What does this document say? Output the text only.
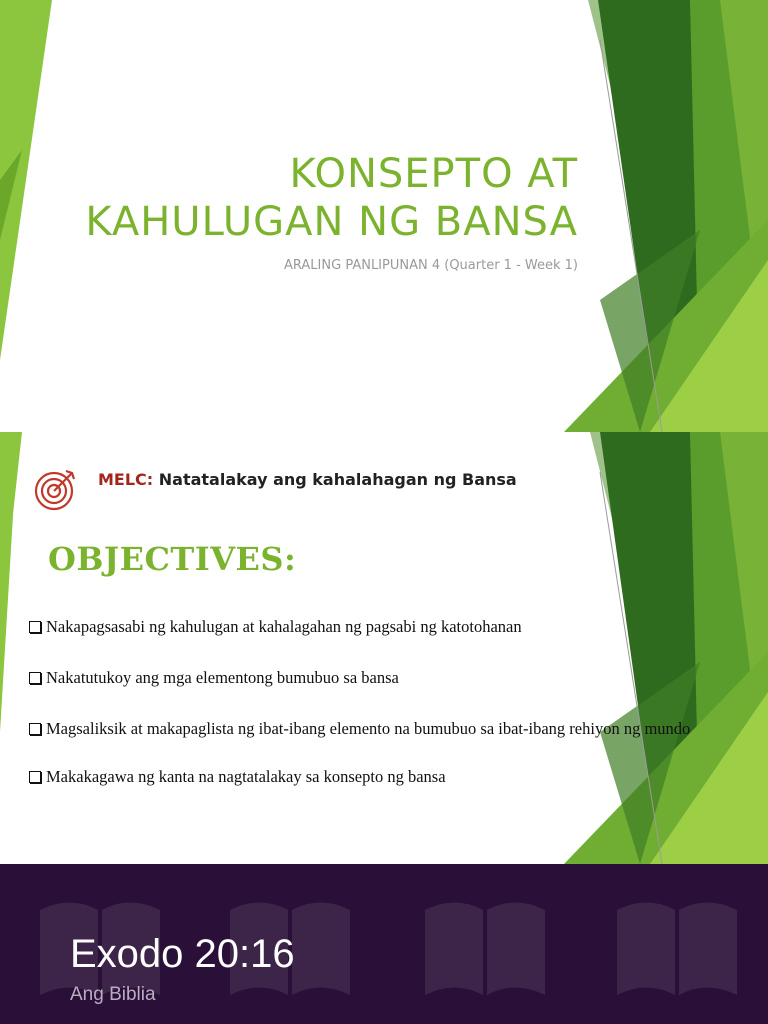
KONSEPTO AT
KAHULUGAN NG BANSA
ARALING PANLIPUNAN 4 (Quarter 1 - Week 1)
MELC: Natatalakay ang kahalahagan ng Bansa
OBJECTIVES:
Nakapagsasabi ng kahulugan at kahalagahan ng pagsabi ng katotohanan
Nakatutukoy ang mga elementong bumubuo sa bansa
Magsaliksik at makapaglista ng ibat-ibang elemento na bumubuo sa ibat-ibang rehiyon ng mundo
Makakagawa ng kanta na nagtatalakay sa konsepto ng bansa
Exodo 20:16
Ang Biblia
